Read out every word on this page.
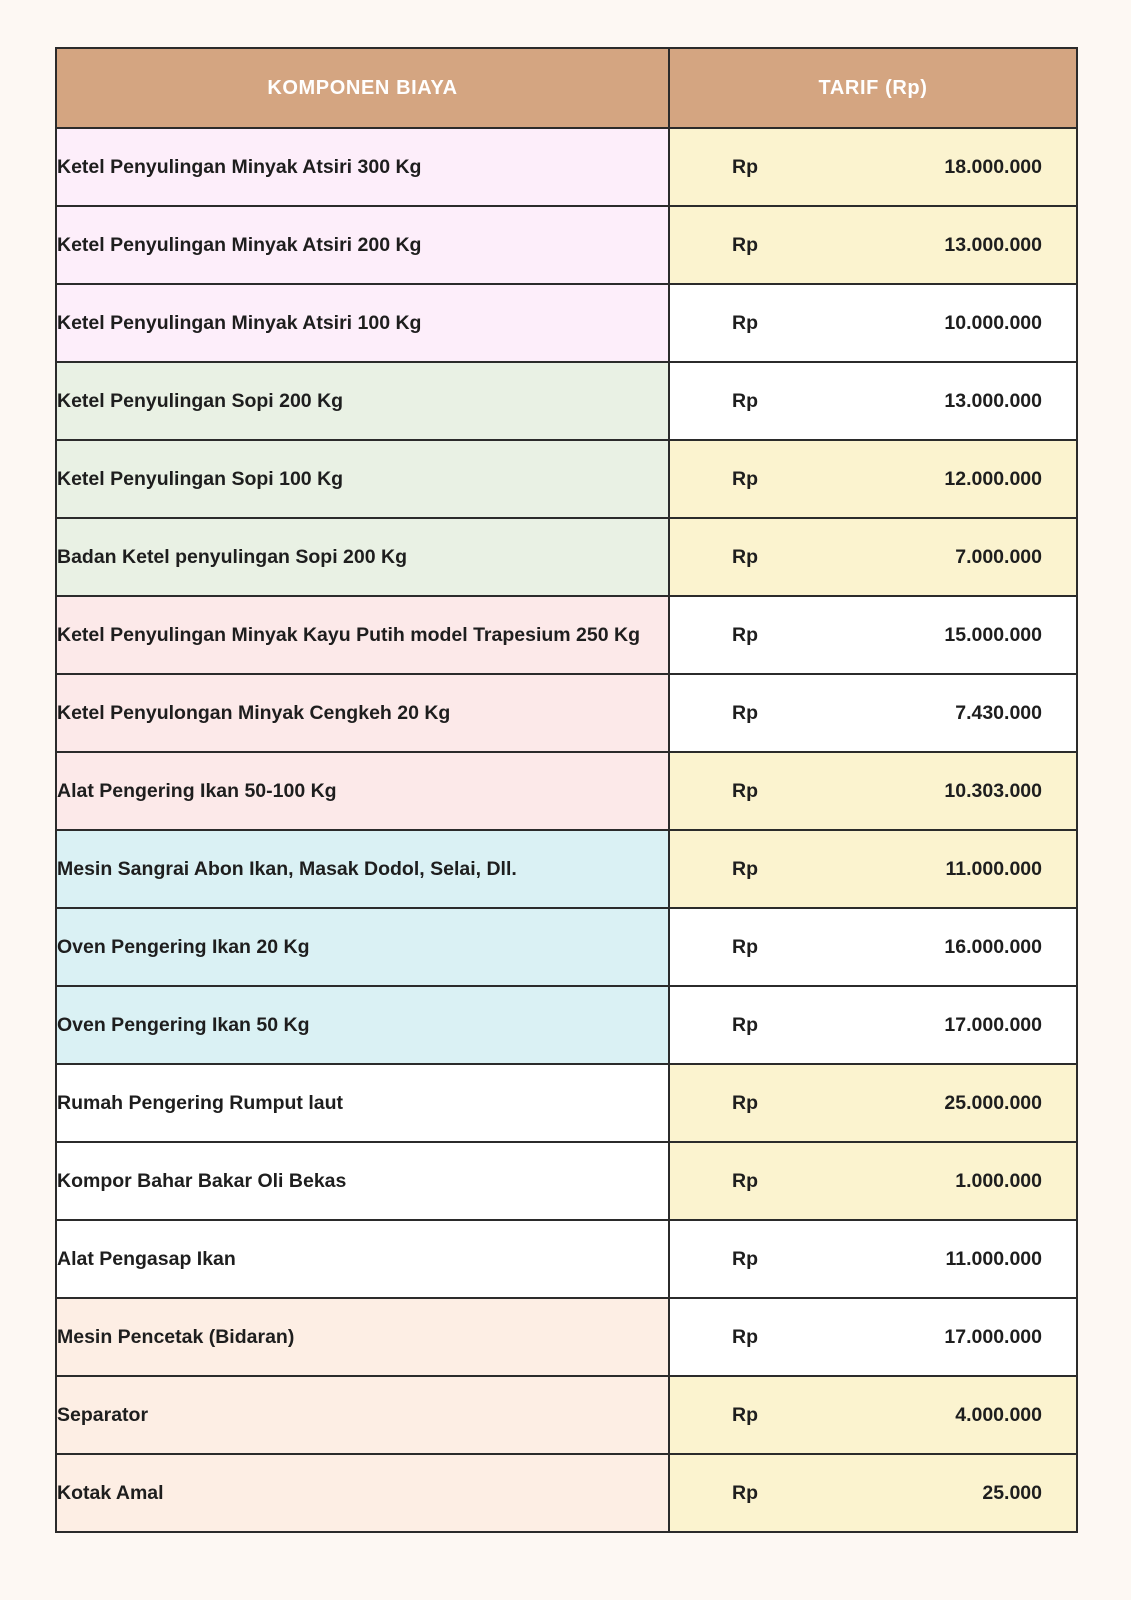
KOMPONEN BIAYA	TARIF (Rp)
Ketel Penyulingan Minyak Atsiri 300 Kg	Rp 18.000.000

Ketel Penyulingan Minyak Atsiri 200 Kg	Rp 13.000.000

Ketel Penyulingan Minyak Atsiri 100 Kg	Rp 10.000.000

Ketel Penyulingan Sopi 200 Kg	Rp 13.000.000

Ketel Penyulingan Sopi 100 Kg	Rp 12.000.000

Badan Ketel penyulingan Sopi 200 Kg	Rp 7.000.000

Ketel Penyulingan Minyak Kayu Putih model Trapesium 250 Kg	Rp 15.000.000

Ketel Penyulongan Minyak Cengkeh 20 Kg	Rp 7.430.000

Alat Pengering Ikan 50-100 Kg	Rp 10.303.000

Mesin Sangrai Abon Ikan, Masak Dodol, Selai, Dll.	Rp 11.000.000

Oven Pengering Ikan 20 Kg	Rp 16.000.000

Oven Pengering Ikan 50 Kg	Rp 17.000.000

Rumah Pengering Rumput laut	Rp 25.000.000

Kompor Bahar Bakar Oli Bekas	Rp 1.000.000

Alat Pengasap Ikan	Rp 11.000.000

Mesin Pencetak (Bidaran)	Rp 17.000.000

Separator	Rp 4.000.000

Kotak Amal	Rp 25.000
